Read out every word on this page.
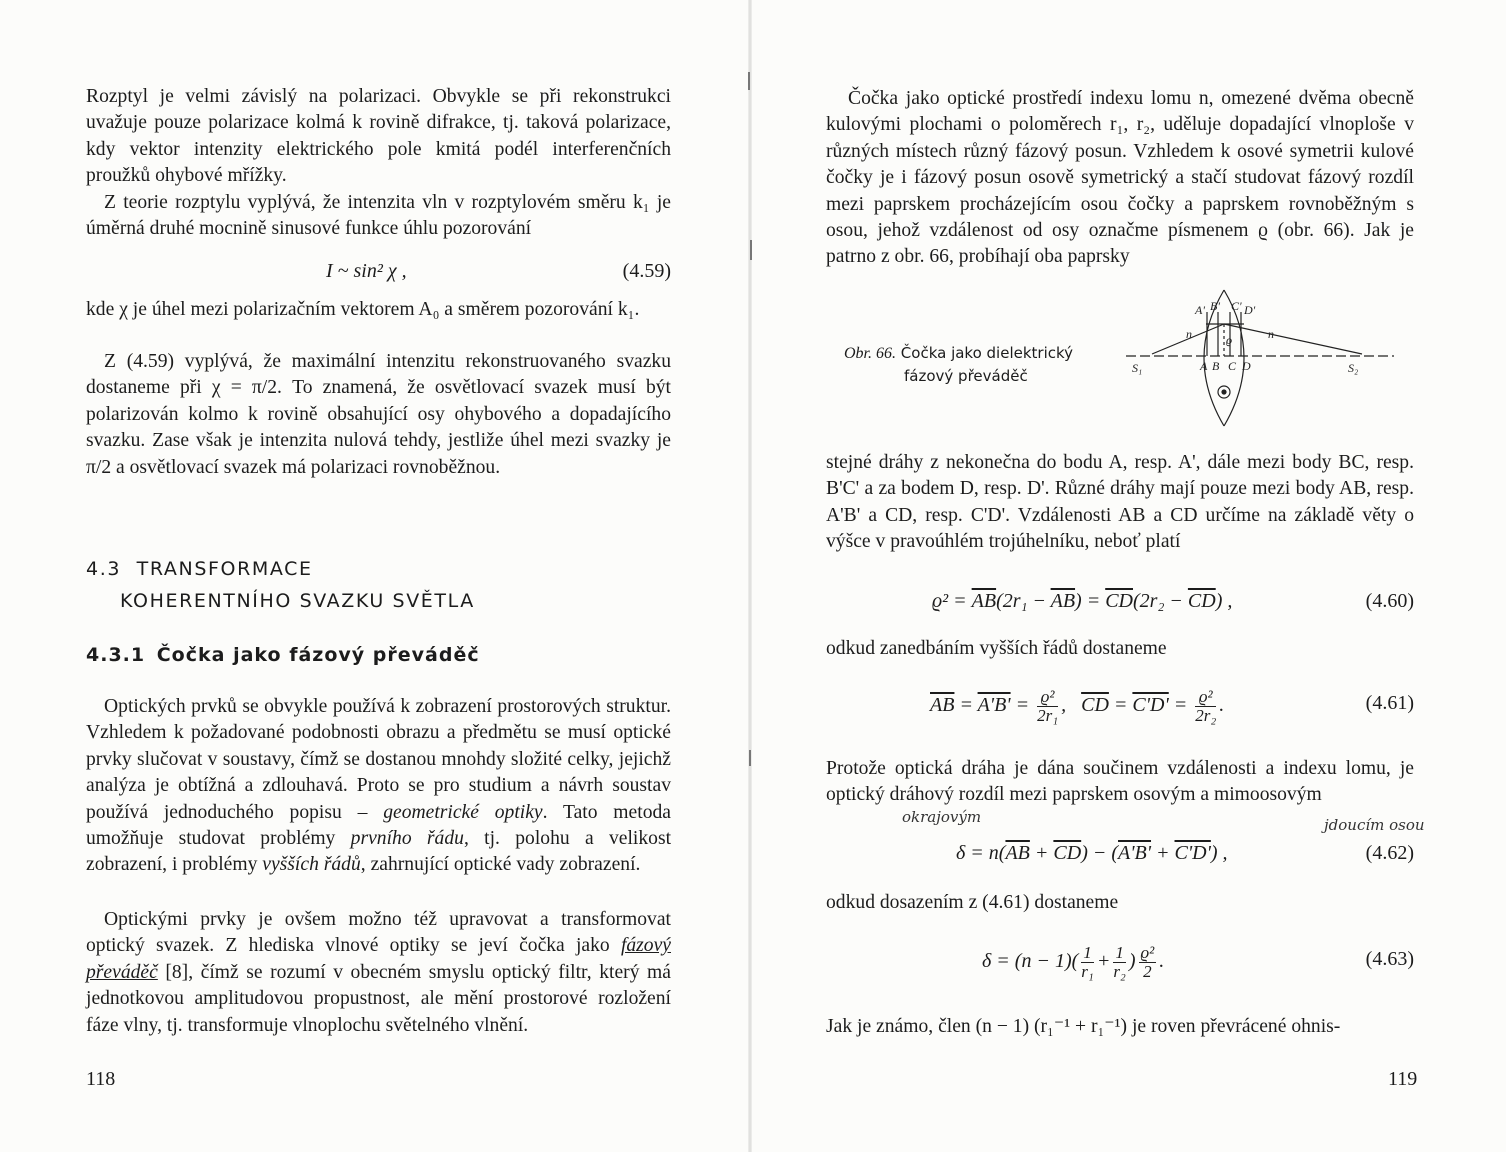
Rozptyl je velmi závislý na polarizaci. Obvykle se při rekonstrukci uvažuje pouze polarizace kolmá k rovině difrakce, tj. taková polarizace, kdy vektor intenzity elektrického pole kmitá podél interferenčních proužků ohybové mřížky.

Z teorie rozptylu vyplývá, že intenzita vln v rozptylovém směru k₁ je úměrná druhé mocnině sinusové funkce úhlu pozorování

I ~ sin² χ ,	(4.59)

kde χ je úhel mezi polarizačním vektorem A₀ a směrem pozorování k₁.

Z (4.59) vyplývá, že maximální intenzitu rekonstruovaného svazku dostaneme při χ = π/2. To znamená, že osvětlovací svazek musí být polarizován kolmo k rovině obsahující osy ohybového a dopadajícího svazku. Zase však je intenzita nulová tehdy, jestliže úhel mezi svazky je π/2 a osvětlovací svazek má polarizaci rovnoběžnou.

4.3 TRANSFORMACE
KOHERENTNÍHO SVAZKU SVĚTLA
4.3.1 Čočka jako fázový převáděč

Optických prvků se obvykle používá k zobrazení prostorových struktur. Vzhledem k požadované podobnosti obrazu a předmětu se musí optické prvky slučovat v soustavy, čímž se dostanou mnohdy složité celky, jejichž analýza je obtížná a zdlouhavá. Proto se pro studium a návrh soustav používá jednoduchého popisu – geometrické optiky. Tato metoda umožňuje studovat problémy prvního řádu, tj. polohu a velikost zobrazení, i problémy vyšších řádů, zahrnující optické vady zobrazení.

Optickými prvky je ovšem možno též upravovat a transformovat optický svazek. Z hlediska vlnové optiky se jeví čočka jako fázový převáděč [8], čímž se rozumí v obecném smyslu optický filtr, který má jednotkovou amplitudovou propustnost, ale mění prostorové rozložení fáze vlny, tj. transformuje vlnoplochu světelného vlnění.

118

Čočka jako optické prostředí indexu lomu n, omezené dvěma obecně kulovými plochami o poloměrech r₁, r₂, uděluje dopadající vlnoploše v různých místech různý fázový posun. Vzhledem k osové symetrii kulové čočky je i fázový posun osově symetrický a stačí studovat fázový rozdíl mezi paprskem procházejícím osou čočky a paprskem rovnoběžným s osou, jehož vzdálenost od osy označme písmenem ϱ (obr. 66). Jak je patrno z obr. 66, probíhají oba paprsky

Obr. 66. Čočka jako dielektrický
fázový převáděč
A' B' C' D'
n	n
ϱ
A B C D
S₁	S₂

stejné dráhy z nekonečna do bodu A, resp. A', dále mezi body BC, resp. B'C' a za bodem D, resp. D'. Různé dráhy mají pouze mezi body AB, resp. A'B' a CD, resp. C'D'. Vzdálenosti AB a CD určíme na základě věty o výšce v pravoúhlém trojúhelníku, neboť platí

$ϱ^2 = \overline{AB}(2r_1 - \overline{AB}) = \overline{CD}(2r_2 - \overline{CD})$ ,	(4.60)

odkud zanedbáním vyšších řádů dostaneme

$\overline{AB} = A'B' = \frac{\text{ϱ²}}{\text{2r₁}}$ ,   $\overline{CD} = C'D' = \frac{\text{ϱ²}}{\text{2r₂}}$ .	(4.61)

Protože optická dráha je dána součinem vzdálenosti a indexu lomu, je optický dráhový rozdíl mezi paprskem osovým a mimoosovým

okrajovým	jdoucím osou
$\delta = n(\overline{AB} + \overline{CD}) - (A'B' + C'D')$ ,	(4.62)

odkud dosazením z (4.61) dostaneme

$\delta = (n - 1)( \frac{1}{\text{r₁}} + \frac{1}{\text{r₂}}$ ) $\frac{\text{ϱ²}}{2}$ .	(4.63)

Jak je známo, člen (n − 1) (r₁⁻¹ + r₁⁻¹) je roven převrácené ohnis-

119
